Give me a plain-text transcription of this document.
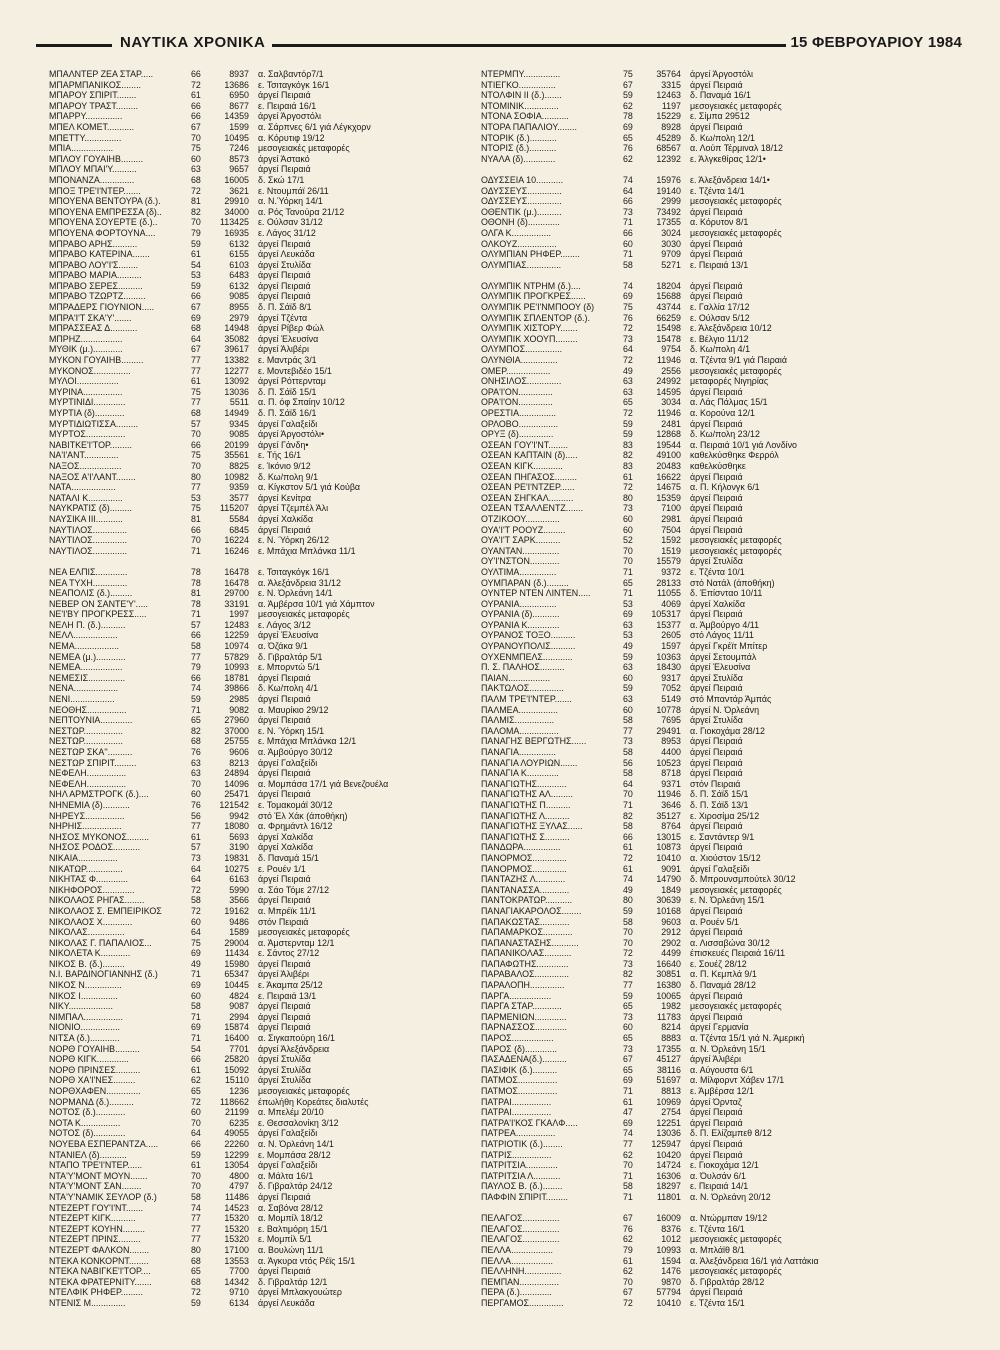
ΝΑΥΤΙΚΑ ΧΡΟΝΙΚΑ	15 ΦΕΒΡΟΥΑΡΙΟΥ 1984
ΜΠΑΛΝΤΕΡ ΖΕΑ ΣΤΑΡ.....	66	8937 α. Σαλβαντόρ7/1
ΜΠΑΡΜΠΑΝΙΚΟΣ........	72	13686 ε. Τσιταγκόγκ 16/1
ΜΠΑΡΟΥ ΣΠΙΡΙΤ........	61	6950 άργεί Πειραιά
ΜΠΑΡΟΥ ΤΡΑΣΤ.........	66	8677 ε. Πειραιά 16/1
ΜΠΑΡΡΥ...............	66	14359 άργεί Άργοστόλι
ΜΠΕΛ ΚΟΜΕΤ...........	67	1599 α. Σάρπνες 6/1 γιά Λέγκχορν
ΜΠΕΤΤΥ...............	70	10495 α. Κόρυτιφ 19/12
ΜΠΙΑ.................	75	7246 μεσογειακές μεταφορές
ΜΠΛΟΥ ΓΟΥΑΙΗΒ.........	60	8573 άργεί Άστακό
ΜΠΛΟΥ ΜΠΑΙ'Υ..........	63	9657 άργεί Πειραιά
ΜΠΟΝΑΝΖΑ..............	68	16005 δ. Σκώ 17/1
ΜΠΟΞ ΤΡΕ'Ι'ΝΤΕΡ.......	72	3621 ε. Ντουμπάϊ 26/11
ΜΠΟΥΕΝΑ ΒΕΝΤΟΥΡΑ (δ.).	81	29910 α. Ν.Ύόρκη 14/1
ΜΠΟΥΕΝΑ ΕΜΠΡΕΣΣΑ (δ)..	82	34000 α. Ρός Τανούρα 21/12
ΜΠΟΥΕΝΑ ΣΟΥΕΡΤΕ (δ.)..	70	113425 ε. Ούλσαν 31/12
ΜΠΟΥΕΝΑ ΦΟΡΤΟΥΝΑ....	79	16935 ε. Λάγος 31/12
ΜΠΡΑΒΟ ΑΡΗΣ..........	59	6132 άργεί Πειραιά
ΜΠΡΑΒΟ ΚΑΤΕΡΙΝΑ.......	61	6155 άργεί Λευκάδα
ΜΠΡΑΒΟ ΛΟΥ'Ι'Σ........	54	6103 άργεί Στυλίδα
ΜΠΡΑΒΟ ΜΑΡΙΑ..........	53	6483 άργεί Πειραιά
ΜΠΡΑΒΟ ΣΕΡΕΣ..........	59	6132 άργεί Πειραιά
ΜΠΡΑΒΟ ΤΖΩΡΤΖ.........	66	9085 άργεί Πειραιά
ΜΠΡΑΔΕΡΣ ΓΙΟΥΝΙΟΝ.....	67	8955 δ. Π. Σάϊδ 8/1
ΜΠΡΑ'Ι'Τ ΣΚΑ'Υ'.......	69	2979 άργεί Τζέντα
ΜΠΡΑΣΣΕΑΣ Δ...........	68	14948 άργεί Ρίβερ Φώλ
ΜΠΡΗΖ.................	64	35082 άργεί Έλευσίνα
ΜΥΘΙΚ (μ.)............	67	39617 άργεί Άλιβέρι
ΜΥΚΟΝ ΓΟΥΑΙΗΒ.........	77	13382 ε. Μαντράς 3/1
ΜΥΚΟΝΟΣ...............	77	12277 ε. Μοντεβιδέο 15/1
ΜΥΛΟΙ.................	61	13092 άργεί Ρόττερνταμ
ΜΥΡΙΝΑ................	75	13036 δ. Π. Σάϊδ 15/1
ΜΥΡΤΙΝΙΔΙ.............	77	5511 α. Π. όφ Σπαίην 10/12
ΜΥΡΤΙΑ (δ)............	68	14949 δ. Π. Σάϊδ 16/1
ΜΥΡΤΙΔΙΩΤΙΣΣΑ.........	57	9345 άργεί Γαλαξείδι
ΜΥΡΤΟΣ................	70	9085 άργεί Άργοστόλι•
ΝΑΒΙΤΚΕ'Ι'ΤΟΡ.........	66	20199 άργεί Γάνδη•
ΝΑ'Ι'ΑΝΤ..............	75	35561 ε. Τής 16/1
ΝΑΞΟΣ.................	70	8825 ε. Ίκόνιο 9/12
ΝΑΞΟΣ Α'Ι'ΛΑΝΤ........	80	10982 δ. Κω/πολη 9/1
ΝΑΤΑ..................	77	9359 α. Κίγκστον 5/1 γιά Κούβα
ΝΑΤΑΛΙ Κ..............	53	3577 άργεί Κενίτρα
ΝΑΥΚΡΑΤΙΣ (δ).........	75	115207 άργεί Τζεμπέλ Άλι
ΝΑΥΣΙΚΑ ΙΙΙ...........	81	5584 άργεί Χαλκίδα
ΝΑΥΤΙΛΟΣ..............	66	6845 άργεί Πειραιά
ΝΑΥΤΙΛΟΣ..............	70	16224 ε. Ν. Ύόρκη 26/12
ΝΑΥΤΙΛΟΣ..............	71	16246 ε. Μπάχια Μπλάνκα 11/1
ΝΕΑ ΕΛΠΙΣ.............	78	16478 ε. Τσιταγκόγκ 16/1
ΝΕΑ ΤΥΧΗ..............	78	16478 α. Άλεξάνδρεια 31/12
ΝΕΑΠΟΛΙΣ (δ.).........	81	29700 ε. Ν. Όρλεάνη 14/1
ΝΕΒΕΡ ΟΝ ΣΑΝΤΕ'Υ'.....	78	33191 α. Άμβέρσα 10/1 γιά Χάμπτον
ΝΕ'Ι'ΒΥ ΠΡΟΓΚΡΕΣΣ.....	71	1997 μεσογειακές μεταφορές
ΝΕΛΗ Π. (δ.)..........	57	12483 ε. Λάγος 3/12
ΝΕΛΛ..................	66	12259 άργεί Έλευσίνα
ΝΕΜΑ..................	58	10974 α. Όζάκα 9/1
ΝΕΜΕΑ (μ.)............	77	57829 δ. Γιβραλτάρ 5/1
ΝΕΜΕΑ.................	79	10993 ε. Μπορντώ 5/1
ΝΕΜΕΣΙΣ...............	66	18781 άργεί Πειραιά
ΝΕΝΑ..................	74	39866 δ. Κω/πολη 4/1
ΝΕΝΙ..................	59	2985 άργεί Πειραιά
ΝΕΟΘΗΣ................	71	9082 α. Μαυρίκιο 29/12
ΝΕΠΤΟΥΝΙΑ.............	65	27960 άργεί Πειραιά
ΝΕΣΤΩΡ................	82	37000 ε. Ν. Ύόρκη 15/1
ΝΕΣΤΩΡ................	68	25755 ε. Μπάχια Μπλάνκα 12/1
ΝΕΣΤΩΡ ΣΚΑ''..........	76	9606 α. Άμβούργο 30/12
ΝΕΣΤΩΡ ΣΠΙΡΙΤ.........	63	8213 άργεί Γαλαξείδι
ΝΕΦΕΛΗ................	63	24894 άργεί Πειραιά
ΝΕΦΕΛΗ................	70	14096 α. Μομπάσα 17/1 γιά Βενεζουέλα
ΝΗΛ ΑΡΜΣΤΡΟΓΚ (δ.)....	60	25471 άργεί Πειραιά
ΝΗΝΕΜΙΑ (δ)...........	76	121542 ε. Τομακομάϊ 30/12
ΝΗΡΕΥΣ................	56	9942 στό Έλ Χάκ (άποθήκη)
ΝΗΡΗΙΣ................	77	18080 α. Φρημάντλ 16/12
ΝΗΣΟΣ ΜΥΚΟΝΟΣ.........	61	5693 άργεί Χαλκίδα
ΝΗΣΟΣ ΡΟΔΟΣ...........	57	3190 άργεί Χαλκίδα
ΝΙΚΑΙΑ................	73	19831 δ. Παναμά 15/1
ΝΙΚΑΤΩΡ...............	64	10275 ε. Ρουέν 1/1
ΝΙΚΗΤΑΣ Φ.............	64	6163 άργεί Πειραιά
ΝΙΚΗΦΟΡΟΣ.............	72	5990 α. Σάο Τόμε 27/12
ΝΙΚΟΛΑΟΣ ΡΗΓΑΣ........	58	3566 άργεί Πειραιά
ΝΙΚΟΛΑΟΣ Σ. ΕΜΠΕΙΡΙΚΟΣ	72	19162 α. Μπρέϊκ 11/1
ΝΙΚΟΛΑΟΣ Χ............	60	9486 στόν Πειραιά
ΝΙΚΟΛΑΣ...............	64	1589 μεσογειακές μεταφορές
ΝΙΚΟΛΑΣ Γ. ΠΑΠΑΛΙΟΣ...	75	29004 α. Άμστερνταμ 12/1
ΝΙΚΟΛΕΤΑ Κ............	69	11434 ε. Σάντος 27/12
ΝΙΚΟΣ Β. (δ.).........	49	15980 άργεί Πειραιά
Ν.Ι. ΒΑΡΔΙΝΟΓΙΑΝΝΗΣ (δ.)	71	65347 άργεί Άλιβέρι
ΝΙΚΟΣ Ν...............	69	10445 ε. Άκαμπα 25/12
ΝΙΚΟΣ Ι...............	60	4824 ε. Πειραιά 13/1
ΝΙΚΥ..................	58	9087 άργεί Πειραιά
ΝΙΜΠΑΛ................	71	2994 άργεί Πειραιά
ΝΙΟΝΙΟ................	69	15874 άργεί Πειραιά
ΝΙΤΣΑ (δ.)............	71	16400 α. Σιγκαπούρη 16/1
ΝΟΡΘ ΓΟΥΑΙΗΒ..........	54	7701 άργεί Άλεξάνδρεια
ΝΟΡΘ ΚΙΓΚ.............	66	25820 άργεί Στυλίδα
ΝΟΡΘ ΠΡΙΝΣΕΣ..........	61	15092 άργεί Στυλίδα
ΝΟΡΘ ΧΑ'Ι'ΝΕΣ.........	62	15110 άργεί Στυλίδα
ΝΟΡΘΧΑΦΕΝ..............	65	1236 μεσογειακές μεταφορές
ΝΟΡΜΑΝΔ (δ.)..........	72	118662 έπωλήθη Κορεάτες διαλυτές
ΝΟΤΟΣ (δ.)............	60	21199 α. Μπελέμ 20/10
ΝΟΤΑ Κ................	70	6235 ε. Θεσσαλονίκη 3/12
ΝΟΤΟΣ (δ).............	64	49055 άργεί Γαλαξείδι
ΝΟΥΕΒΑ ΕΣΠΕΡΑΝΤΖΑ.....	66	22260 α. Ν. Όρλεάνη 14/1
ΝΤΑΝΙΕΛ (δ)...........	59	12299 ε. Μομπάσα 28/12
ΝΤΑΠΟ ΤΡΕ'Ι'ΝΤΕΡ......	61	13054 άργεί Γαλαξείδι
ΝΤΑ'Υ'ΜΟΝΤ ΜΟΥΝ.......	70	4800 α. Μάλτα 16/1
ΝΤΑ'Υ'ΜΟΝΤ ΣΑΝ........	70	4797 δ. Γιβραλτάρ 24/12
ΝΤΑ'Υ'ΝΑΜΙΚ ΣΕΥΛΟΡ (δ.)	58	11486 άργεί Πειραιά
ΝΤΕΖΕΡΤ ΓΟΥ'Ι'ΝΤ.......	74	14523 α. Σαβόνα 28/12
ΝΤΕΖΕΡΤ ΚΙΓΚ..........	77	15320 α. Μομπίλ 18/12
ΝΤΕΖΕΡΤ ΚΟΥΗΝ.........	77	15320 ε. Βαλτιμόρη 15/1
ΝΤΕΖΕΡΤ ΠΡΙΝΣ.........	77	15320 ε. Μομπίλ 5/1
ΝΤΕΖΕΡΤ ΦΑΛΚΟΝ........	80	17100 α. Βουλώνη 11/1
ΝΤΕΚΑ ΚΟΝΚΟΡΝΤ........	68	13553 α. Άγκυρα ντός Ρέϊς 15/1
ΝΤΕΚΑ ΝΑΒΙΓΚΕ'Ι'ΤΟΡ....	65	7700 άργεί Πειραιά
ΝΤΕΚΑ ΦΡΑΤΕΡΝΙΤΥ.......	68	14342 δ. Γιβραλτάρ 12/1
ΝΤΕΛΦΙΚ ΡΗΦΕΡ.........	72	9710 άργεί Μπλακγουώτερ
ΝΤΕΝΙΣ Μ..............	59	6134 άργεί Λευκάδα
ΝΤΕΡΜΠΥ...............	75	35764 άργεί Άργοστόλι
ΝΤΙΕΓΚΟ...............	67	3315 άργεί Πειραιά
ΝΤΟΛΦΙΝ ΙΙ (δ.).......	59	12463 δ. Παναμά 16/1
ΝΤΟΜΙΝΙΚ..............	62	1197 μεσογειακές μεταφορές
ΝΤΟΝΑ ΣΟΦΙΑ...........	78	15229 ε. Σίμπα 29512
ΝΤΟΡΑ ΠΑΠΑΛΙΟΥ........	69	8928 άργεί Πειραιά
ΝΤΟΡΙΚ (δ.)...........	65	45289 δ. Κω/πολη 12/1
ΝΤΟΡΙΣ (δ.)...........	76	68567 α. Λούπ Τέρμιναλ 18/12
ΝΥΑΛΑ (δ).............	62	12392 ε. Άλγκεθίρας 12/1•
ΟΔΥΣΣΕΙΑ 10...........	74	15976 ε. Άλεξάνδρεια 14/1•
ΟΔΥΣΣΕΥΣ..............	64	19140 ε. Τζέντα 14/1
ΟΔΥΣΣΕΥΣ..............	66	2999 μεσογειακές μεταφορές
ΟΘΕΝΤΙΚ (μ.)..........	73	73492 άργεί Πειραιά
ΟΘΟΝΗ (δ).............	71	17355 α. Κόρυτον 8/1
ΟΛΓΑ Κ................	66	3024 μεσογειακές μεταφορές
ΟΛΚΟΥΖ................	60	3030 άργεί Πειραιά
ΟΛΥΜΠΙΑΝ ΡΗΦΕΡ........	71	9709 άργεί Πειραιά
ΟΛΥΜΠΙΑΣ..............	58	5271 ε. Πειραιά 13/1
ΟΛΥΜΠΙΚ ΝΤΡΗΜ (δ.)....	74	18204 άργεί Πειραιά
ΟΛΥΜΠΙΚ ΠΡΟΓΚΡΕΣ......	69	15688 άργεί Πειραιά
ΟΛΥΜΠΙΚ ΡΕ'Ι'ΝΜΠΟΟΥ (δ)	75	43744 ε. Γαλλία 17/12
ΟΛΥΜΠΙΚ ΣΠΛΕΝΤΟΡ (δ.).	76	66259 ε. Ούλσαν 5/12
ΟΛΥΜΠΙΚ ΧΙΣΤΟΡΥ.......	72	15498 ε. Άλεξάνδρεια 10/12
ΟΛΥΜΠΙΚ ΧΟΟΥΠ.........	73	15478 ε. Βέλγιο 11/12
ΟΛΥΜΠΟΣ...............	64	9754 δ. Κω/πολη 4/1
ΟΛΥΝΘΙΑ...............	72	11946 α. Τζέντα 9/1 γιά Πειραιά
ΟΜΕΡ..................	49	2556 μεσογειακές μεταφορές
ΟΝΗΣΙΛΟΣ..............	63	24992 μεταφορές Νιγηρίας
ΟΡΑ'Ι'ΟΝ..............	63	14595 άργεί Πειραιά
ΟΡΑ'Ι'ΟΝ..............	65	3034 α. Λάς Πάλμας 15/1
ΟΡΕΣΤΙΑ...............	72	11946 α. Κορούνα 12/1
ΟΡΛΟΒΟ................	59	2481 άργεί Πειραιά
ΟΡΥΞ (δ)..............	59	12868 δ. Κω/πολη 23/12
ΟΣΕΑΝ ΓΟΥ'Ι'ΝΤ........	83	19544 α. Πειραιά 10/1 γιά Λονδίνο
ΟΣΕΑΝ ΚΑΠΤΑΙΝ (δ).....	82	49100 καθελκύσθηκε Φερρόλ
ΟΣΕΑΝ ΚΙΓΚ............	83	20483 καθελκύσθηκε
ΟΣΕΑΝ ΠΗΓΑΣΟΣ.........	61	16622 άργεί Πειραιά
ΟΣΕΑΝ ΡΕ'Ι'ΝΤΖΕΡ......	72	14675 α. Π. Κήλονγκ 6/1
ΟΣΕΑΝ ΣΗΓΚΑΛ..........	80	15359 άργεί Πειραιά
ΟΣΕΑΝ ΤΣΑΛΛΕΝΤΖ.......	73	7100 άργεί Πειραιά
ΟΤΖΙΚΟΟΥ..............	60	2981 άργεί Πειραιά
ΟΥΑ'Ι'Τ ΡΟΟΥΖ.........	60	7504 άργεί Πειραιά
ΟΥΑ'Ι'Τ ΣΑΡΚ..........	52	1592 μεσογειακές μεταφορές
ΟΥΑΝΤΑΝ...............	70	1519 μεσογειακές μεταφορές
ΟΥ'Ι'ΝΣΤΟΝ............	70	15579 άργεί Στυλίδα
ΟΥΛΤΙΜΑ...............	71	9372 ε. Τζέντα 10/1
ΟΥΜΠΑΡΑΝ (δ.).........	65	28133 στό Νατάλ (άποθήκη)
ΟΥΝΤΕΡ ΝΤΕΝ ΛΙΝΤΕΝ.....	71	11055 δ. Έπίσνταο 10/11
ΟΥΡΑΝΙΑ...............	53	4069 άργεί Χαλκίδα
ΟΥΡΑΝΙΑ (δ)...........	69	105317 άργεί Πειραιά
ΟΥΡΑΝΙΑ Κ.............	63	15377 α. Άμβούργο 4/11
ΟΥΡΑΝΟΣ ΤΟΞΟ..........	53	2605 στό Λάγος 11/11
ΟΥΡΑΝΟΥΠΟΛΙΣ..........	49	1597 άργεί Γκρέϊτ Μπίτερ
ΟΥΧΕΝΜΠΕΛΣ............	59	10363 άργεί Σετουμπάλ
Π. Σ. ΠΑΛΗΟΣ..........	63	18430 άργεί Έλευσίνα
ΠΑΙΑΝ.................	60	9317 άργεί Στυλίδα
ΠΑΚΤΩΛΟΣ..............	59	7052 άργεί Πειραιά
ΠΑΛΜ ΤΡΕ'Ι'ΝΤΕΡ.......	63	5149 στό Μπαντάρ Άμπάς
ΠΑΛΜΕΑ................	60	10778 άργεί Ν. Όρλεάνη
ΠΑΛΜΙΣ................	58	7695 άργεί Στυλίδα
ΠΑΛΟΜΑ................	77	29491 α. Γιοκοχάμα 28/12
ΠΑΝΑΓΗΣ ΒΕΡΓΩΤΗΣ......	73	8953 άργεί Πειραιά
ΠΑΝΑΓΙΑ...............	58	4400 άργεί Πειραιά
ΠΑΝΑΓΙΑ ΛΟΥΡΙΩΝ.......	56	10523 άργεί Πειραιά
ΠΑΝΑΓΙΑ Κ.............	58	8718 άργεί Πειραιά
ΠΑΝΑΓΙΩΤΗΣ............	64	9371 στόν Πειραιά
ΠΑΝΑΓΙΩΤΗΣ ΑΛ.........	70	11946 δ. Π. Σάϊδ 15/1
ΠΑΝΑΓΙΩΤΗΣ Π..........	71	3646 δ. Π. Σάϊδ 13/1
ΠΑΝΑΓΙΩΤΗΣ Λ..........	82	35127 ε. Χιροσίμα 25/12
ΠΑΝΑΓΙΩΤΗΣ ΞΥΛΑΣ......	58	8764 άργεί Πειραιά
ΠΑΝΑΓΙΩΤΗΣ Σ..........	66	13015 ε. Σαντάντερ 9/1
ΠΑΝΔΩΡΑ...............	61	10873 άργεί Πειραιά
ΠΑΝΟΡΜΟΣ..............	72	10410 α. Χιούστον 15/12
ΠΑΝΟΡΜΟΣ..............	61	9091 άργεί Γαλαξείδι
ΠΑΝΤΑΖΗΣ Λ............	74	14790 δ. Μπρουνσμπούτελ 30/12
ΠΑΝΤΑΝΑΣΣΑ............	49	1849 μεσογειακές μεταφορές
ΠΑΝΤΟΚΡΑΤΩΡ...........	80	30639 ε. Ν. Όρλεάνη 15/1
ΠΑΝΑΓΙΑΚΑΡΟΛΟΣ........	59	10168 άργεί Πειραιά
ΠΑΠΑΚΩΣΤΑΣ............	58	9603 α. Ρουέν 5/1
ΠΑΠΑΜΑΡΚΟΣ............	70	2912 άργεί Πειραιά
ΠΑΠΑΝΑΣΤΑΣΗΣ...........	70	2902 α. Λισσαβώνα 30/12
ΠΑΠΑΝΙΚΟΛΑΣ...........	72	4499 έπισκευές Πειραιά 16/11
ΠΑΠΑΦΩΤΗΣ.............	73	16640 ε. Σουέζ 28/12
ΠΑΡΑΒΑΛΟΣ..............	82	30851 α. Π. Κεμπλά 9/1
ΠΑΡΑΛΟΠΗ..............	77	16380 δ. Παναμά 28/12
ΠΑΡΓΑ.................	59	10065 άργεί Πειραιά
ΠΑΡΓΑ ΣΤΑΡ............	65	1982 μεσογειακές μεταφορές
ΠΑΡΜΕΝΙΩΝ.............	73	11783 άργεί Πειραιά
ΠΑΡΝΑΣΣΟΣ.............	60	8214 άργεί Γερμανία
ΠΑΡΟΣ.................	65	8883 α. Τζέντα 15/1 γιά Ν. Άμερική
ΠΑΡΟΣ (δ).............	73	17355 α. Ν. Όρλεάνη 15/1
ΠΑΣΑΔΕΝΑ(δ.)..........	67	45127 άργεί Άλιβέρι
ΠΑΣΙΦΙΚ (δ.)..........	65	38116 α. Αύγουστα 6/1
ΠΑΤΜΟΣ................	69	51697 α. Μίλφορντ Χάβεν 17/1
ΠΑΤΜΟΣ................	71	8813 ε. Άμβέρσα 12/1
ΠΑΤΡΑΙ................	61	10969 άργεί Όρνταζ
ΠΑΤΡΑΙ................	47	2754 άργεί Πειραιά
ΠΑΤΡΑ'Ι'ΚΟΣ ΓΚΑΛΦ.....	69	12251 άργεί Πειραιά
ΠΑΤΡΕΑ................	74	13036 δ. Π. Ελίζαμπεθ 8/12
ΠΑΤΡΙΟΤΙΚ (δ.)........	77	125947 άργεί Πειραιά
ΠΑΤΡΙΣ................	62	10420 άργεί Πειραιά
ΠΑΤΡΙΤΣΙΑ.............	70	14724 ε. Γιοκοχάμα 12/1
ΠΑΤΡΙΤΣΙΑ Λ...........	71	16306 α. Όυλσάν 6/1
ΠΑΥΛΟΣ Β. (δ.)........	58	18297 ε. Πειραιά 14/1
ΠΑΦΦΙΝ ΣΠΙΡΙΤ.........	71	11801 α. Ν. Όρλεάνη 20/12
ΠΕΛΑΓΟΣ...............	67	16009 α. Ντώρμπαν 19/12
ΠΕΛΑΓΟΣ...............	76	8376 ε. Τζέντα 16/1
ΠΕΛΑΓΟΣ...............	62	1012 μεσογειακές μεταφορές
ΠΕΛΛΑ.................	79	10993 α. Μπλάϊθ 8/1
ΠΕΛΛΑ.................	61	1594 α. Άλεξάνδρεια 16/1 γιά Λαττάκια
ΠΕΛΛΗΝΗ...............	62	1476 μεσογειακές μεταφορές
ΠΕΜΠΑΝ................	70	9870 δ. Γιβραλτάρ 28/12
ΠΕΡΑ (δ.).............	67	57794 άργεί Πειραιά
ΠΕΡΓΑΜΟΣ..............	72	10410 ε. Τζέντα 15/1
